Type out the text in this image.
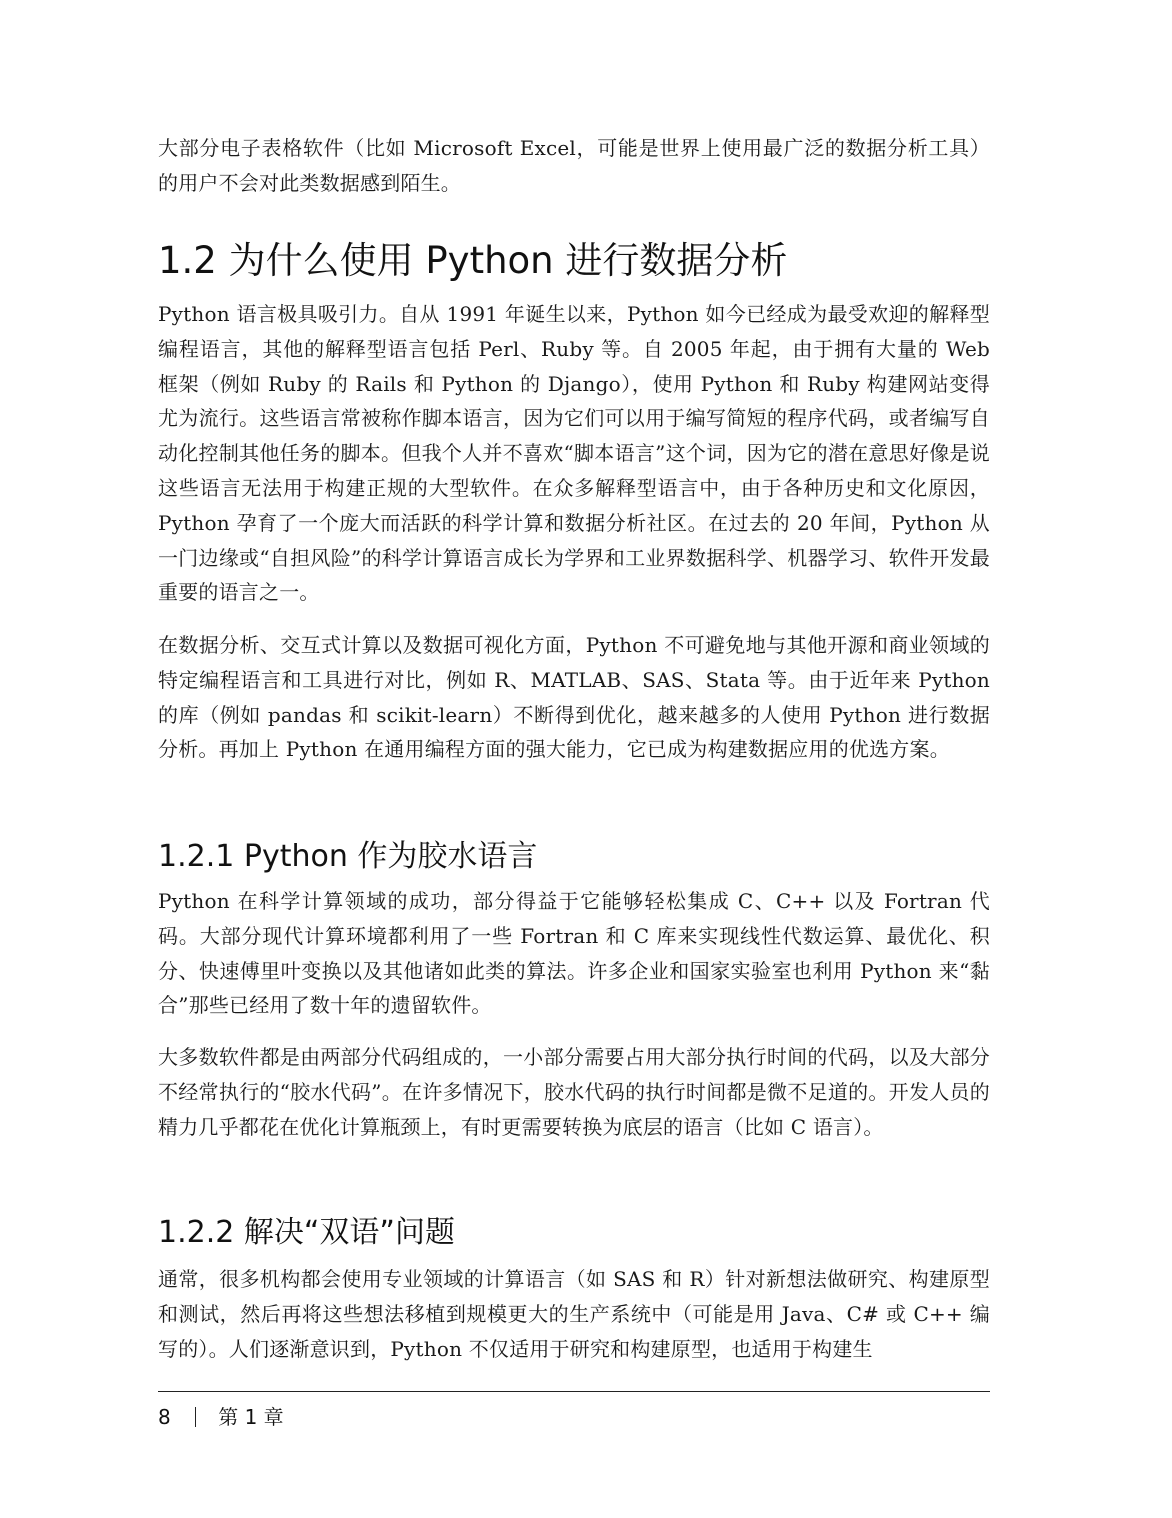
大部分电子表格软件（比如 Microsoft Excel，可能是世界上使用最广泛的数据分析工具）的用户不会对此类数据感到陌生。

1.2 为什么使用 Python 进行数据分析

Python 语言极具吸引力。自从 1991 年诞生以来，Python 如今已经成为最受欢迎的解释型编程语言，其他的解释型语言包括 Perl、Ruby 等。自 2005 年起，由于拥有大量的 Web 框架（例如 Ruby 的 Rails 和 Python 的 Django），使用 Python 和 Ruby 构建网站变得尤为流行。这些语言常被称作脚本语言，因为它们可以用于编写简短的程序代码，或者编写自动化控制其他任务的脚本。但我个人并不喜欢“脚本语言”这个词，因为它的潜在意思好像是说这些语言无法用于构建正规的大型软件。在众多解释型语言中，由于各种历史和文化原因，Python 孕育了一个庞大而活跃的科学计算和数据分析社区。在过去的 20 年间，Python 从一门边缘或“自担风险”的科学计算语言成长为学界和工业界数据科学、机器学习、软件开发最重要的语言之一。

在数据分析、交互式计算以及数据可视化方面，Python 不可避免地与其他开源和商业领域的特定编程语言和工具进行对比，例如 R、MATLAB、SAS、Stata 等。由于近年来 Python 的库（例如 pandas 和 scikit-learn）不断得到优化，越来越多的人使用 Python 进行数据分析。再加上 Python 在通用编程方面的强大能力，它已成为构建数据应用的优选方案。

1.2.1 Python 作为胶水语言

Python 在科学计算领域的成功，部分得益于它能够轻松集成 C、C++ 以及 Fortran 代码。大部分现代计算环境都利用了一些 Fortran 和 C 库来实现线性代数运算、最优化、积分、快速傅里叶变换以及其他诸如此类的算法。许多企业和国家实验室也利用 Python 来“黏合”那些已经用了数十年的遗留软件。

大多数软件都是由两部分代码组成的，一小部分需要占用大部分执行时间的代码，以及大部分不经常执行的“胶水代码”。在许多情况下，胶水代码的执行时间都是微不足道的。开发人员的精力几乎都花在优化计算瓶颈上，有时更需要转换为底层的语言（比如 C 语言）。

1.2.2 解决“双语”问题

通常，很多机构都会使用专业领域的计算语言（如 SAS 和 R）针对新想法做研究、构建原型和测试，然后再将这些想法移植到规模更大的生产系统中（可能是用 Java、C# 或 C++ 编写的）。人们逐渐意识到，Python 不仅适用于研究和构建原型，也适用于构建生

8 第 1 章
